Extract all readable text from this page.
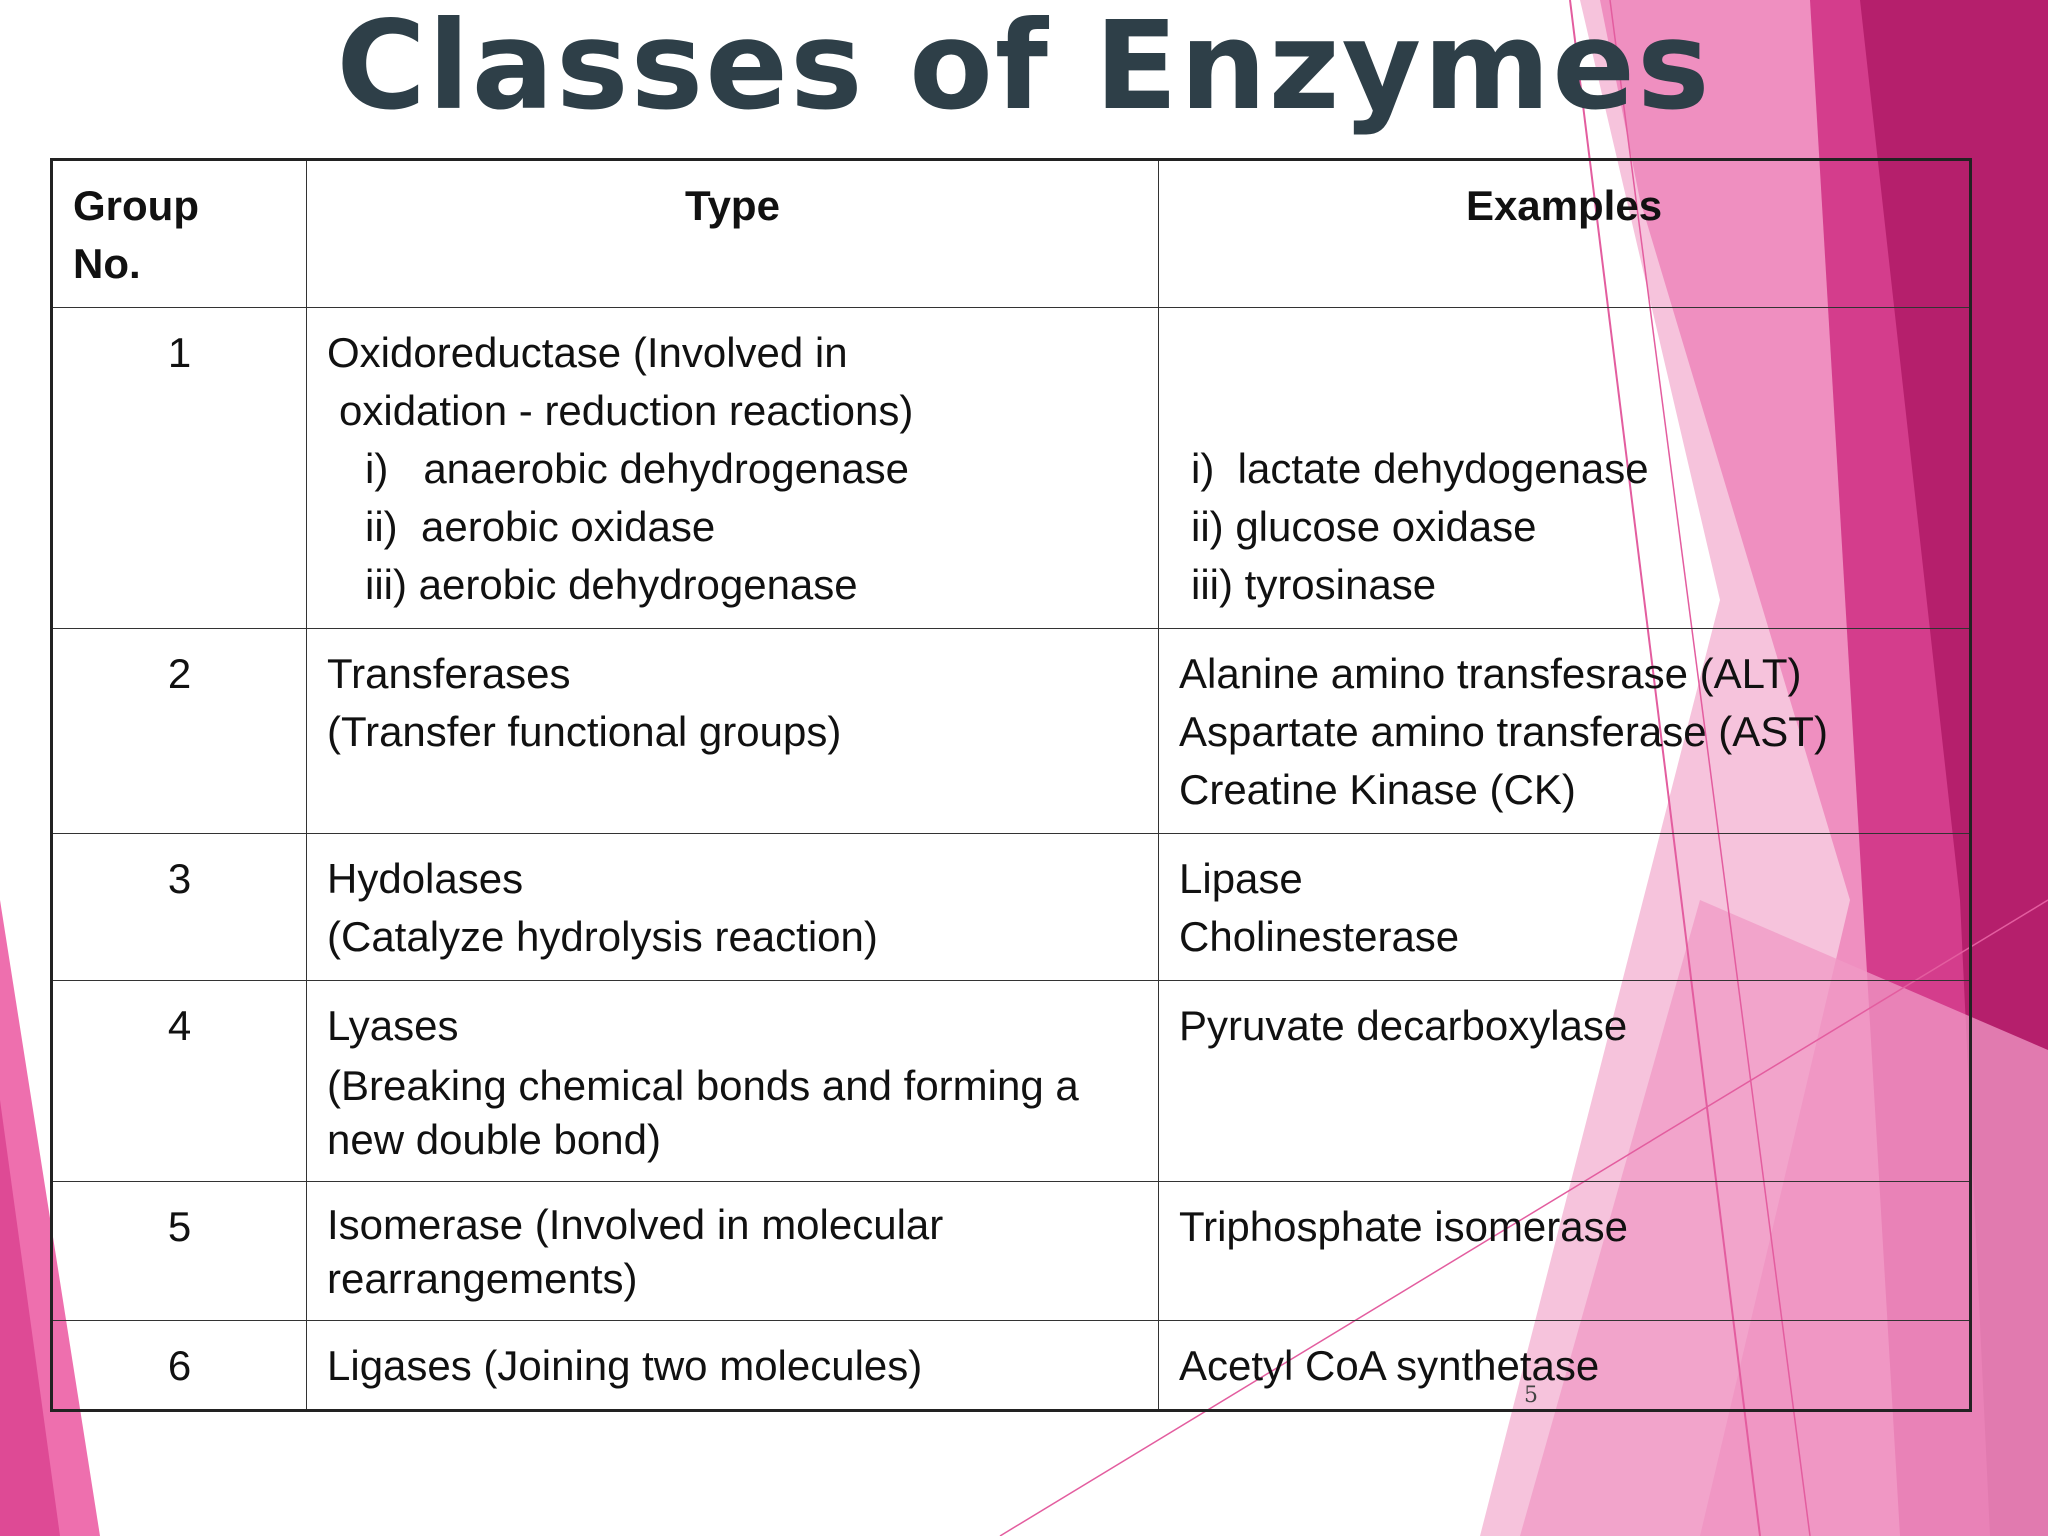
Classes of Enzymes
Group
No.	Type	Examples
1	Oxidoreductase (Involved in
oxidation - reduction reactions)
i)   anaerobic dehydrogenase
ii)  aerobic oxidase
iii) aerobic dehydrogenase	i)  lactate dehydogenase
ii) glucose oxidase
iii) tyrosinase

2	Transferases
(Transfer functional groups)	Alanine amino transfesrase (ALT)
Aspartate amino transferase (AST)
Creatine Kinase (CK)

3	Hydolases
(Catalyze hydrolysis reaction)	Lipase
Cholinesterase

4	Lyases
(Breaking chemical bonds and forming a new double bond)	Pyruvate decarboxylase

5	Isomerase (Involved in molecular rearrangements)	Triphosphate isomerase

6	Ligases (Joining two molecules)	Acetyl CoA synthetase
5
